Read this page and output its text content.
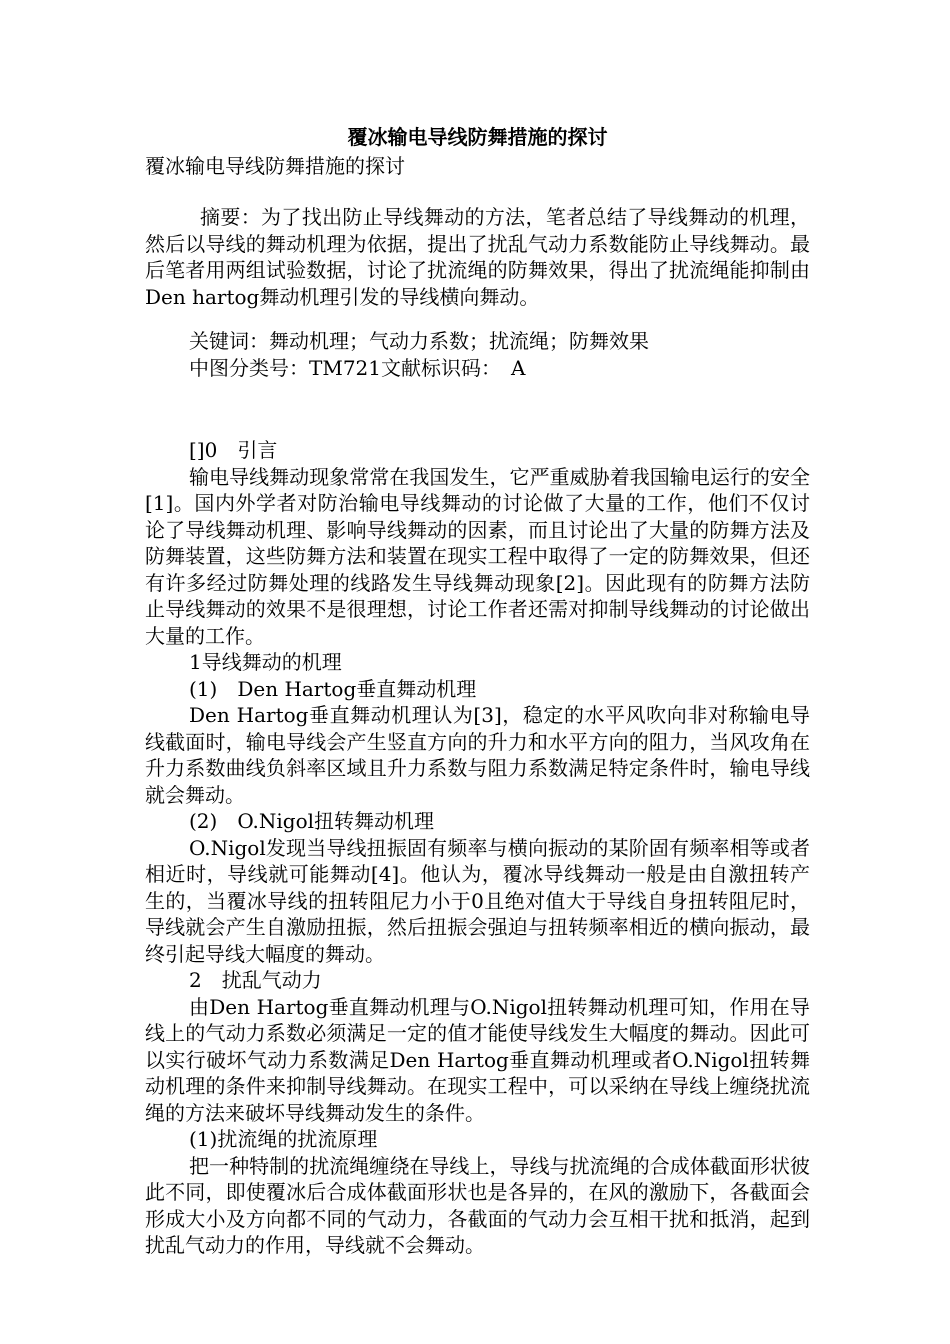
覆冰输电导线防舞措施的探讨

覆冰输电导线防舞措施的探讨

摘要：为了找出防止导线舞动的方法，笔者总结了导线舞动的机理，然后以导线的舞动机理为依据，提出了扰乱气动力系数能防止导线舞动。最后笔者用两组试验数据，讨论了扰流绳的防舞效果，得出了扰流绳能抑制由Den hartog舞动机理引发的导线横向舞动。

关键词：舞动机理；气动力系数；扰流绳；防舞效果

中图分类号：TM721文献标识码：　A

[]0　引言

输电导线舞动现象常常在我国发生，它严重威胁着我国输电运行的安全[1]。国内外学者对防治输电导线舞动的讨论做了大量的工作，他们不仅讨论了导线舞动机理、影响导线舞动的因素，而且讨论出了大量的防舞方法及防舞装置，这些防舞方法和装置在现实工程中取得了一定的防舞效果，但还有许多经过防舞处理的线路发生导线舞动现象[2]。因此现有的防舞方法防止导线舞动的效果不是很理想，讨论工作者还需对抑制导线舞动的讨论做出大量的工作。

1导线舞动的机理

(1)　Den Hartog垂直舞动机理

Den Hartog垂直舞动机理认为[3]，稳定的水平风吹向非对称输电导线截面时，输电导线会产生竖直方向的升力和水平方向的阻力，当风攻角在升力系数曲线负斜率区域且升力系数与阻力系数满足特定条件时，输电导线就会舞动。

(2)　O.Nigol扭转舞动机理

O.Nigol发现当导线扭振固有频率与横向振动的某阶固有频率相等或者相近时，导线就可能舞动[4]。他认为，覆冰导线舞动一般是由自激扭转产生的，当覆冰导线的扭转阻尼力小于0且绝对值大于导线自身扭转阻尼时，导线就会产生自激励扭振，然后扭振会强迫与扭转频率相近的横向振动，最终引起导线大幅度的舞动。

2　扰乱气动力

由Den Hartog垂直舞动机理与O.Nigol扭转舞动机理可知，作用在导线上的气动力系数必须满足一定的值才能使导线发生大幅度的舞动。因此可以实行破坏气动力系数满足Den Hartog垂直舞动机理或者O.Nigol扭转舞动机理的条件来抑制导线舞动。在现实工程中，可以采纳在导线上缠绕扰流绳的方法来破坏导线舞动发生的条件。

(1)扰流绳的扰流原理

把一种特制的扰流绳缠绕在导线上，导线与扰流绳的合成体截面形状彼此不同，即使覆冰后合成体截面形状也是各异的，在风的激励下，各截面会形成大小及方向都不同的气动力，各截面的气动力会互相干扰和抵消，起到扰乱气动力的作用，导线就不会舞动。
